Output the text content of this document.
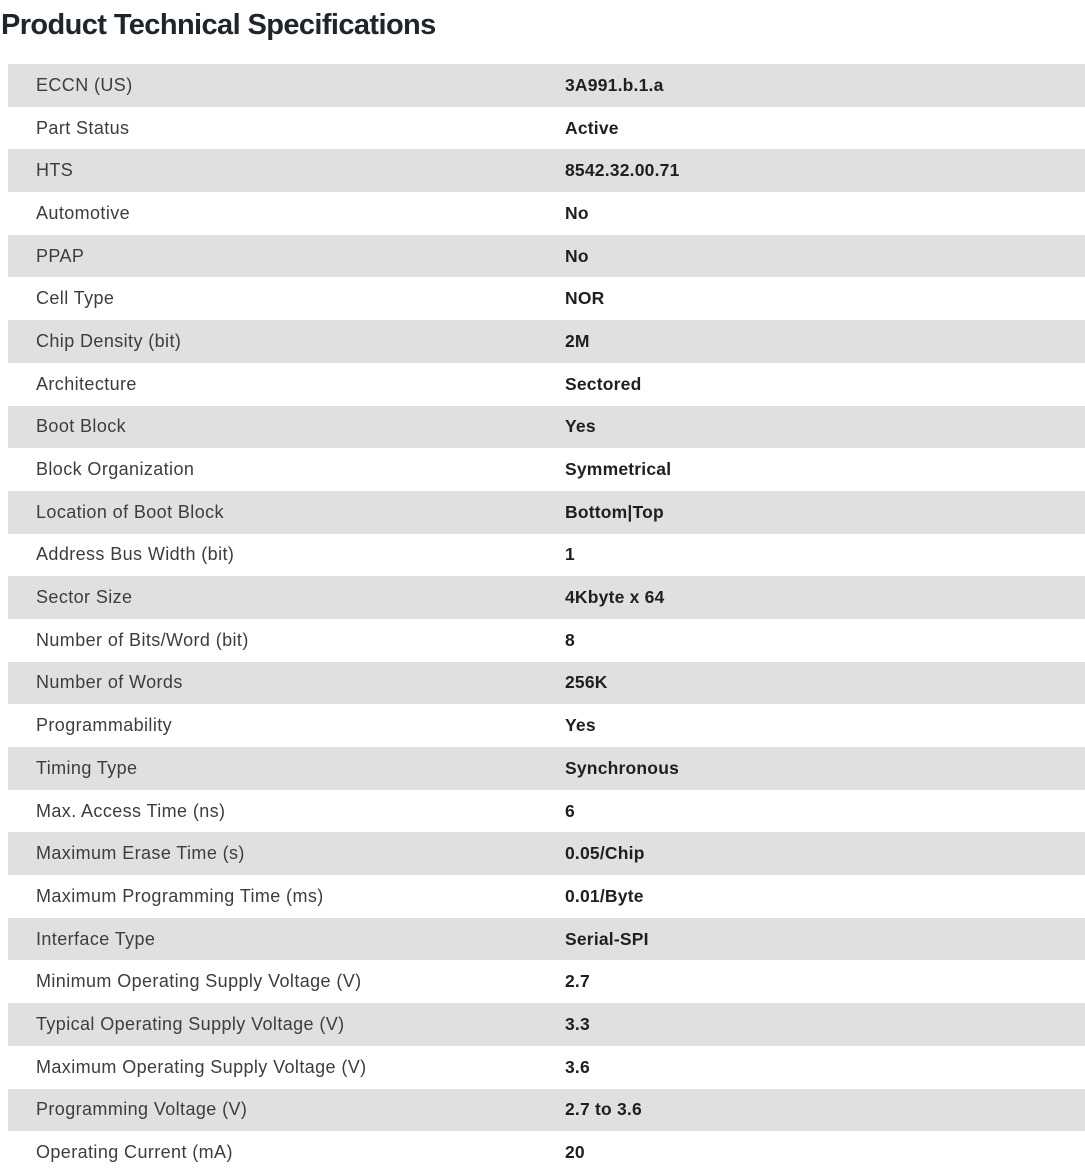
Product Technical Specifications
ECCN (US)	3A991.b.1.a
Part Status	Active
HTS	8542.32.00.71
Automotive	No
PPAP	No
Cell Type	NOR
Chip Density (bit)	2M
Architecture	Sectored
Boot Block	Yes
Block Organization	Symmetrical
Location of Boot Block	Bottom|Top
Address Bus Width (bit)	1
Sector Size	4Kbyte x 64
Number of Bits/Word (bit)	8
Number of Words	256K
Programmability	Yes
Timing Type	Synchronous
Max. Access Time (ns)	6
Maximum Erase Time (s)	0.05/Chip
Maximum Programming Time (ms)	0.01/Byte
Interface Type	Serial-SPI
Minimum Operating Supply Voltage (V)	2.7
Typical Operating Supply Voltage (V)	3.3
Maximum Operating Supply Voltage (V)	3.6
Programming Voltage (V)	2.7 to 3.6
Operating Current (mA)	20
